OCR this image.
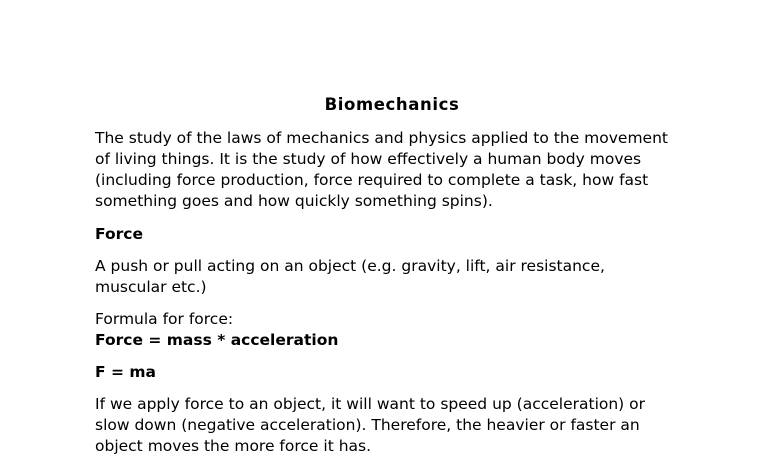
Biomechanics

The study of the laws of mechanics and physics applied to the movement
of living things. It is the study of how effectively a human body moves
(including force production, force required to complete a task, how fast
something goes and how quickly something spins).

Force

A push or pull acting on an object (e.g. gravity, lift, air resistance,
muscular etc.)

Formula for force:
Force = mass * acceleration

F = ma

If we apply force to an object, it will want to speed up (acceleration) or
slow down (negative acceleration). Therefore, the heavier or faster an
object moves the more force it has.
